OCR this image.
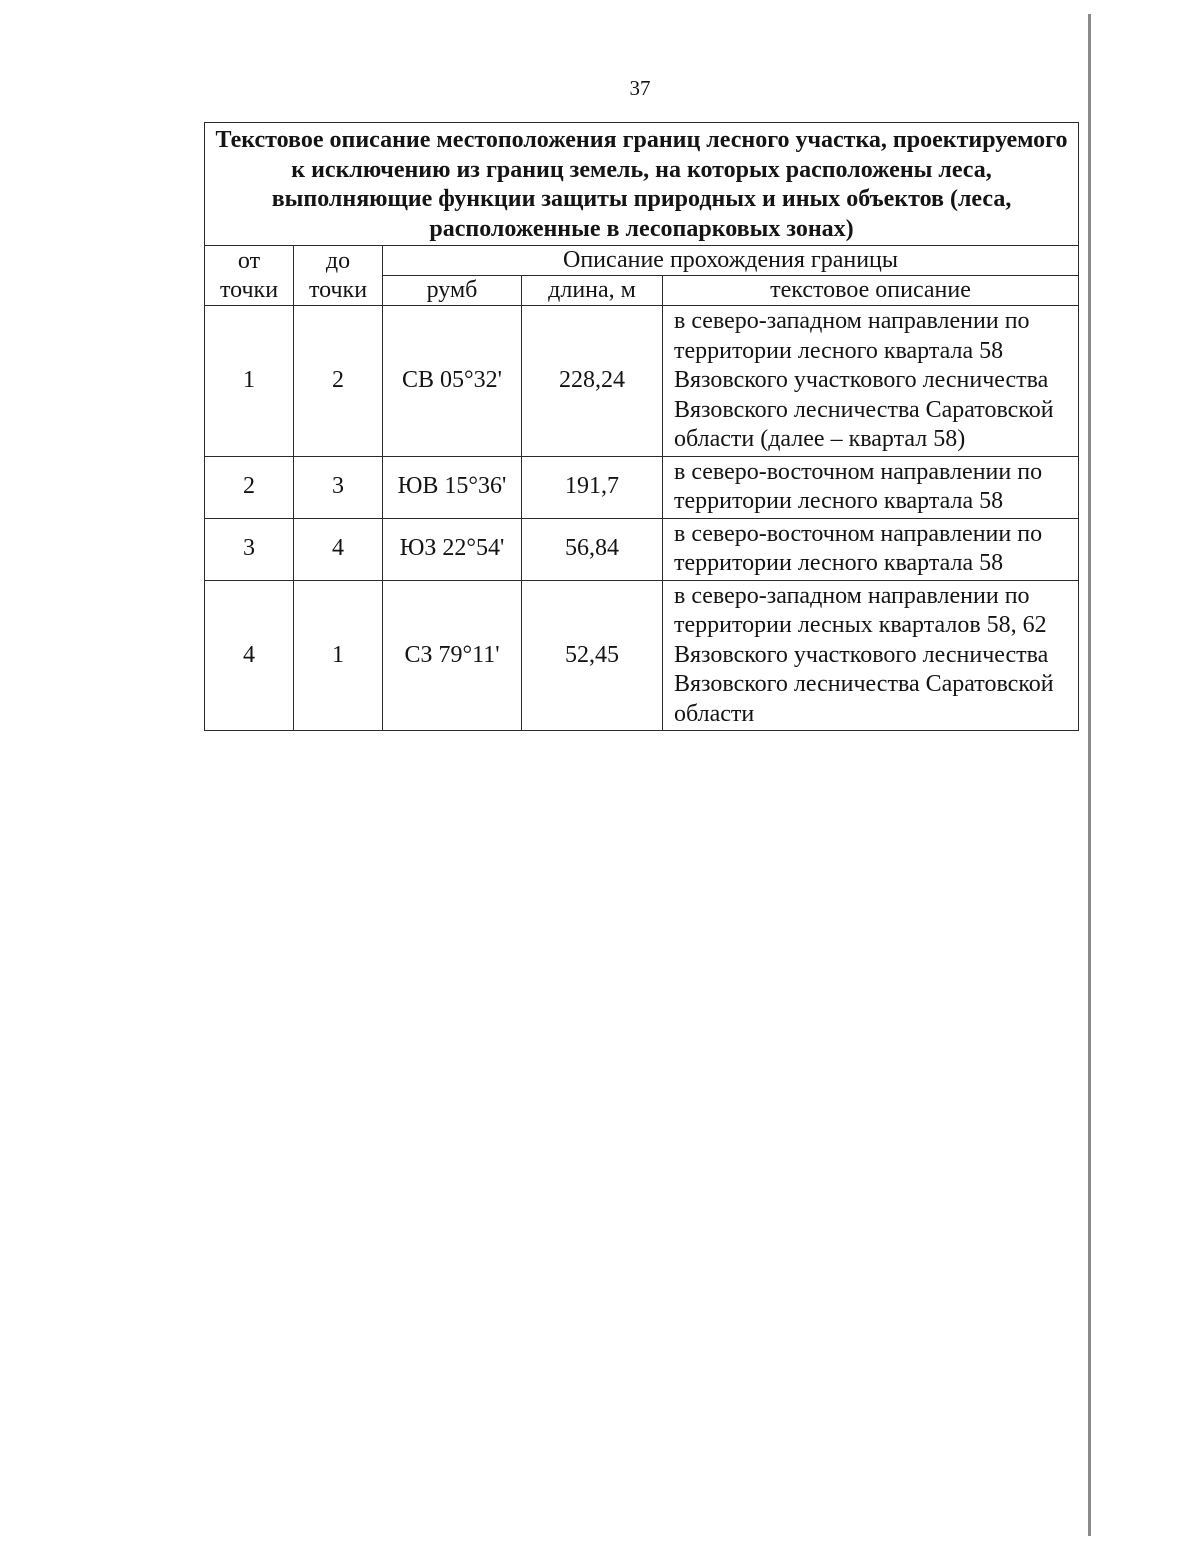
37
Текстовое описание местоположения границ лесного участка, проектируемого к исключению из границ земель, на которых расположены леса, выполняющие функции защиты природных и иных объектов (леса, расположенные в лесопарковых зонах)				

от
точки	до
точки	Описание прохождения границы		
		румб	длина, м	текстовое описание
1	2	СВ 05°32'	228,24	в северо-западном направлении по территории лесного квартала 58 Вязовского участкового лесничества Вязовского лесничества Саратовской области (далее – квартал 58)
2	3	ЮВ 15°36'	191,7	в северо-восточном направлении по территории лесного квартала 58
3	4	ЮЗ 22°54'	56,84	в северо-восточном направлении по территории лесного квартала 58
4	1	СЗ 79°11'	52,45	в северо-западном направлении по территории лесных кварталов 58, 62 Вязовского участкового лесничества Вязовского лесничества Саратовской области
